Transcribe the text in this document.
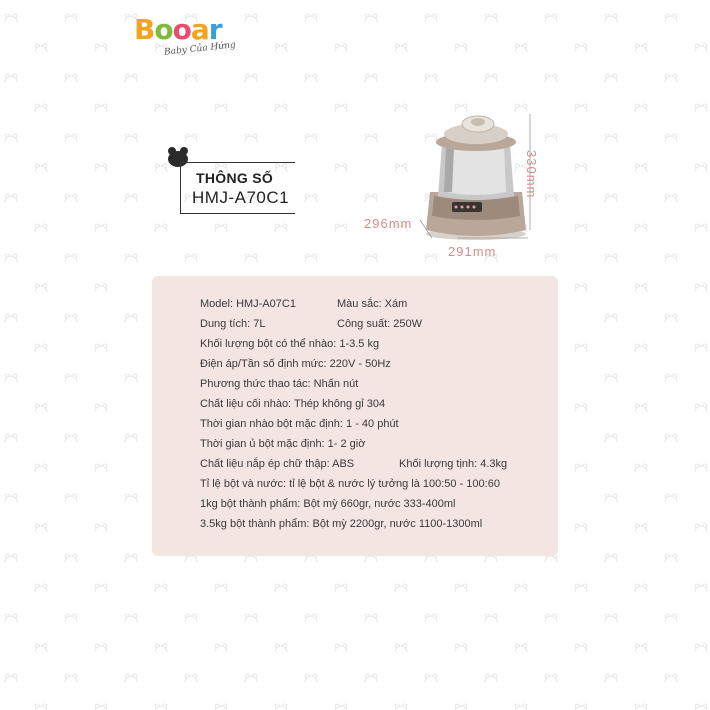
Booar
Baby Của Hứng
THÔNG SỐ
HMJ-A70C1	330mm
296mm
291mm
Model: HMJ-A07C1	Màu sắc: Xám
Dung tích: 7L	Công suất: 250W
Khối lượng bột có thể nhào: 1-3.5 kg
Điện áp/Tần số định mức: 220V - 50Hz
Phương thức thao tác: Nhấn nút
Chất liệu cối nhào: Thép không gỉ 304
Thời gian nhào bột mặc định: 1 - 40 phút
Thời gian ủ bột mặc định: 1- 2 giờ
Chất liệu nắp ép chữ thập: ABS	Khối lượng tịnh: 4.3kg
Tỉ lệ bột và nước: tỉ lệ bột & nước lý tưởng là 100:50 - 100:60
1kg bột thành phẩm: Bột mỳ 660gr, nước 333-400ml
3.5kg bột thành phẩm: Bột mỳ 2200gr, nước 1100-1300ml
